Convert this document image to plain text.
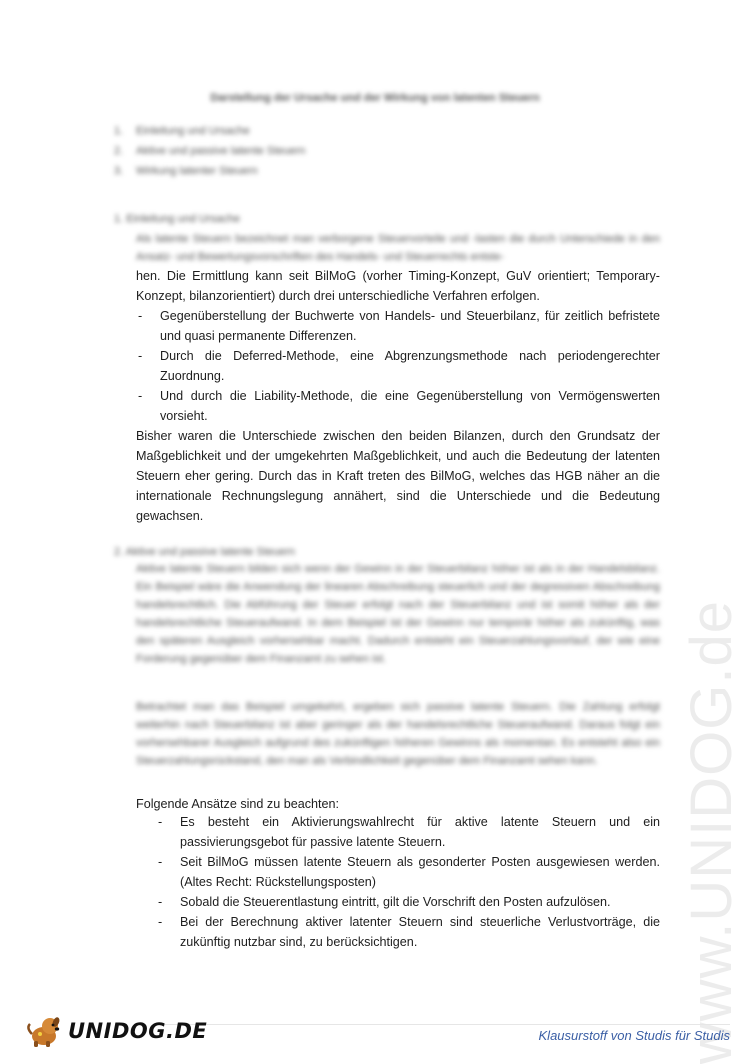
www.UNIDOG.de
Darstellung der Ursache und der Wirkung von latenten Steuern
1. Einleitung und Ursache
2. Aktive und passive latente Steuern
3. Wirkung latenter Steuern
1. Einleitung und Ursache
Als latente Steuern bezeichnet man verborgene Steuervorteile und -lasten die durch Unterschiede in den Ansatz- und Bewertungsvorschriften des Handels- und Steuerrechts entste-
hen. Die Ermittlung kann seit BilMoG (vorher Timing-Konzept, GuV orientiert; Temporary-Konzept, bilanzorientiert) durch drei unterschiedliche Verfahren erfolgen.
- Gegenüberstellung der Buchwerte von Handels- und Steuerbilanz, für zeitlich befristete und quasi permanente Differenzen.
- Durch die Deferred-Methode, eine Abgrenzungsmethode nach periodengerechter Zuordnung.
- Und durch die Liability-Methode, die eine Gegenüberstellung von Vermögenswerten vorsieht.
Bisher waren die Unterschiede zwischen den beiden Bilanzen, durch den Grundsatz der Maßgeblichkeit und der umgekehrten Maßgeblichkeit, und auch die Bedeutung der latenten Steuern eher gering. Durch das in Kraft treten des BilMoG, welches das HGB näher an die internationale Rechnungslegung annähert, sind die Unterschiede und die Bedeutung gewachsen.
2. Aktive und passive latente Steuern
Aktive latente Steuern bilden sich wenn der Gewinn in der Steuerbilanz höher ist als in der Handelsbilanz. Ein Beispiel wäre die Anwendung der linearen Abschreibung steuerlich und der degressiven Abschreibung handelsrechtlich. Die Abführung der Steuer erfolgt nach der Steuerbilanz und ist somit höher als der handelsrechtliche Steueraufwand. In dem Beispiel ist der Gewinn nur temporär höher als zukünftig, was den späteren Ausgleich vorhersehbar macht. Dadurch entsteht ein Steuerzahlungsvorlauf, der wie eine Forderung gegenüber dem Finanzamt zu sehen ist.
Betrachtet man das Beispiel umgekehrt, ergeben sich passive latente Steuern. Die Zahlung erfolgt weiterhin nach Steuerbilanz ist aber geringer als der handelsrechtliche Steueraufwand. Daraus folgt ein vorhersehbarer Ausgleich aufgrund des zukünftigen höheren Gewinns als momentan. Es entsteht also ein Steuerzahlungsrückstand, den man als Verbindlichkeit gegenüber dem Finanzamt sehen kann.
Folgende Ansätze sind zu beachten:
- Es besteht ein Aktivierungswahlrecht für aktive latente Steuern und ein passivierungsgebot für passive latente Steuern.
- Seit BilMoG müssen latente Steuern als gesonderter Posten ausgewiesen werden. (Altes Recht: Rückstellungsposten)
- Sobald die Steuerentlastung eintritt, gilt die Vorschrift den Posten aufzulösen.
- Bei der Berechnung aktiver latenter Steuern sind steuerliche Verlustvorträge, die zukünftig nutzbar sind, zu berücksichtigen.
UNIDOG.DE	Klausurstoff von Studis für Studis
